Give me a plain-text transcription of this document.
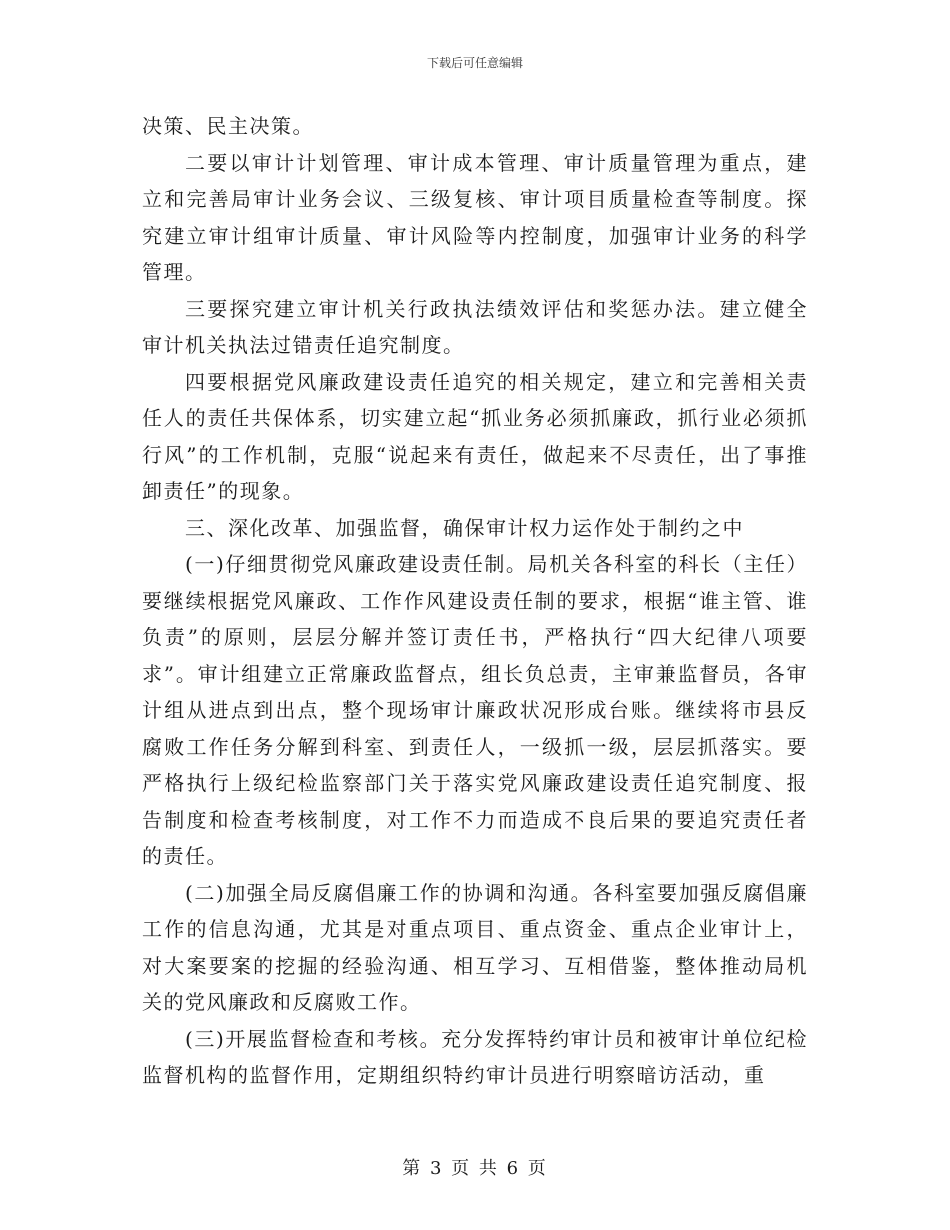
下载后可任意编辑

决策、民主决策。

二要以审计计划管理、审计成本管理、审计质量管理为重点，建立和完善局审计业务会议、三级复核、审计项目质量检查等制度。探究建立审计组审计质量、审计风险等内控制度，加强审计业务的科学管理。

三要探究建立审计机关行政执法绩效评估和奖惩办法。建立健全审计机关执法过错责任追究制度。

四要根据党风廉政建设责任追究的相关规定，建立和完善相关责任人的责任共保体系，切实建立起“抓业务必须抓廉政，抓行业必须抓行风”的工作机制，克服“说起来有责任，做起来不尽责任，出了事推卸责任”的现象。

三、深化改革、加强监督，确保审计权力运作处于制约之中

(一)仔细贯彻党风廉政建设责任制。局机关各科室的科长（主任）要继续根据党风廉政、工作作风建设责任制的要求，根据“谁主管、谁负责”的原则，层层分解并签订责任书，严格执行“四大纪律八项要求”。审计组建立正常廉政监督点，组长负总责，主审兼监督员，各审计组从进点到出点，整个现场审计廉政状况形成台账。继续将市县反腐败工作任务分解到科室、到责任人，一级抓一级，层层抓落实。要严格执行上级纪检监察部门关于落实党风廉政建设责任追究制度、报告制度和检查考核制度，对工作不力而造成不良后果的要追究责任者的责任。

(二)加强全局反腐倡廉工作的协调和沟通。各科室要加强反腐倡廉工作的信息沟通，尤其是对重点项目、重点资金、重点企业审计上，对大案要案的挖掘的经验沟通、相互学习、互相借鉴，整体推动局机关的党风廉政和反腐败工作。

(三)开展监督检查和考核。充分发挥特约审计员和被审计单位纪检监督机构的监督作用，定期组织特约审计员进行明察暗访活动，重

第 3 页 共 6 页
